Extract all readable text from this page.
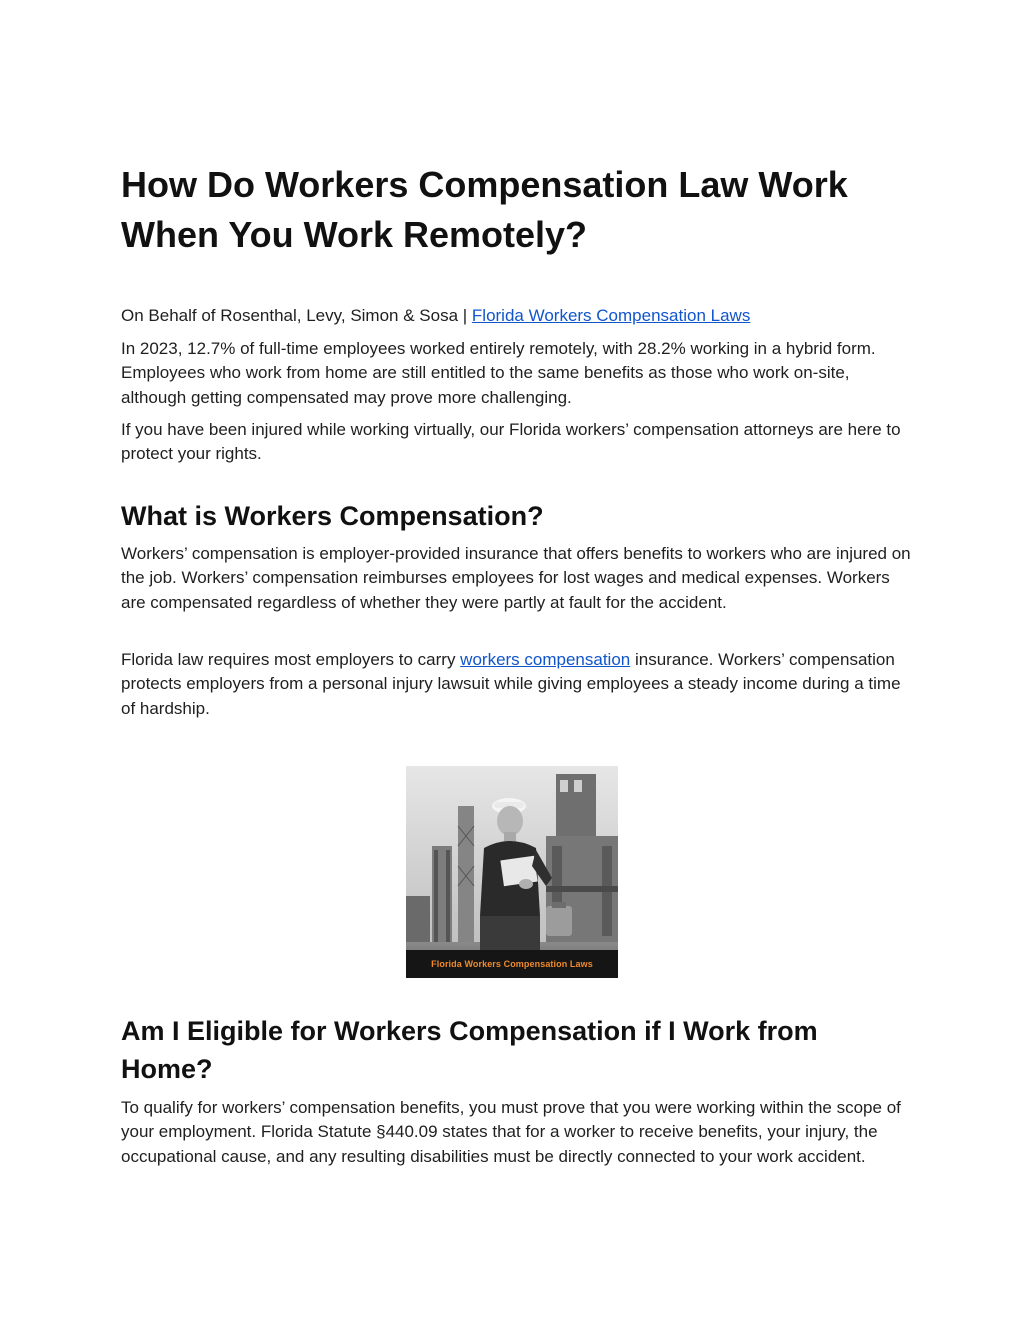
How Do Workers Compensation Law Work When You Work Remotely?

On Behalf of Rosenthal, Levy, Simon & Sosa | Florida Workers Compensation Laws

In 2023, 12.7% of full-time employees worked entirely remotely, with 28.2% working in a hybrid form. Employees who work from home are still entitled to the same benefits as those who work on-site, although getting compensated may prove more challenging.

If you have been injured while working virtually, our Florida workers’ compensation attorneys are here to protect your rights.

What is Workers Compensation?

Workers’ compensation is employer-provided insurance that offers benefits to workers who are injured on the job. Workers’ compensation reimburses employees for lost wages and medical expenses. Workers are compensated regardless of whether they were partly at fault for the accident.

Florida law requires most employers to carry workers compensation insurance. Workers’ compensation protects employers from a personal injury lawsuit while giving employees a steady income during a time of hardship.

Am I Eligible for Workers Compensation if I Work from Home?

To qualify for workers’ compensation benefits, you must prove that you were working within the scope of your employment. Florida Statute §440.09 states that for a worker to receive benefits, your injury, the occupational cause, and any resulting disabilities must be directly connected to your work accident.

Florida Workers Compensation Laws
